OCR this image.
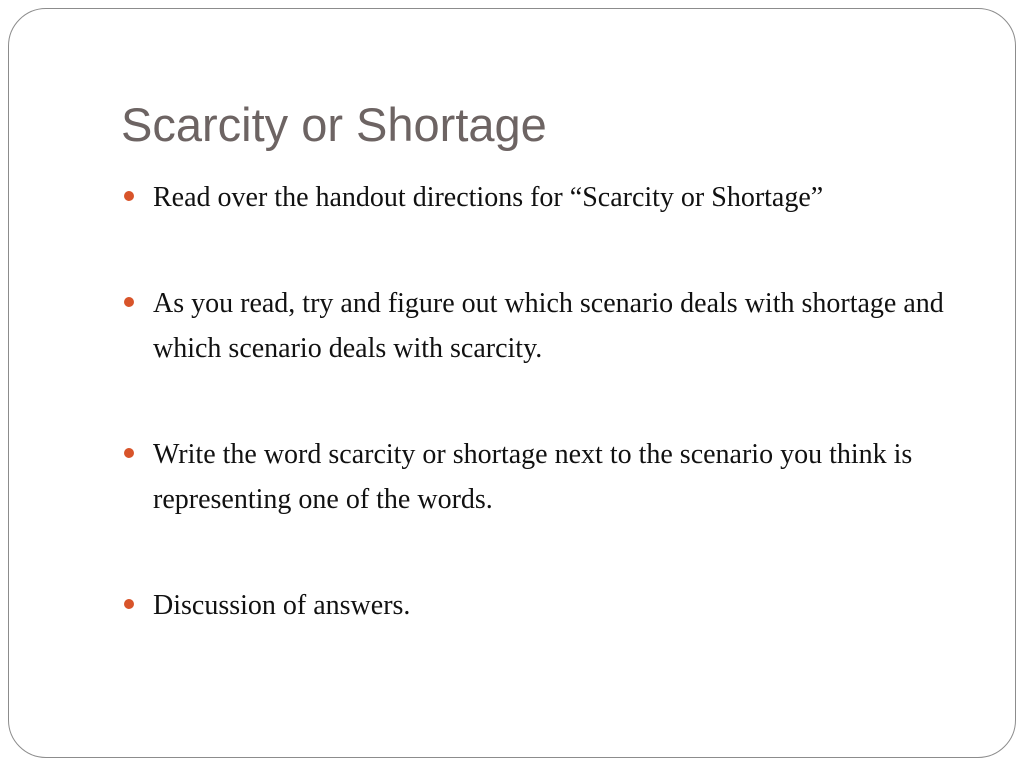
Scarcity or Shortage
Read over the handout directions for “Scarcity or Shortage”
As you read, try and figure out which scenario deals with shortage and which scenario deals with scarcity.
Write the word scarcity or shortage next to the scenario you think is representing one of the words.
Discussion of answers.
